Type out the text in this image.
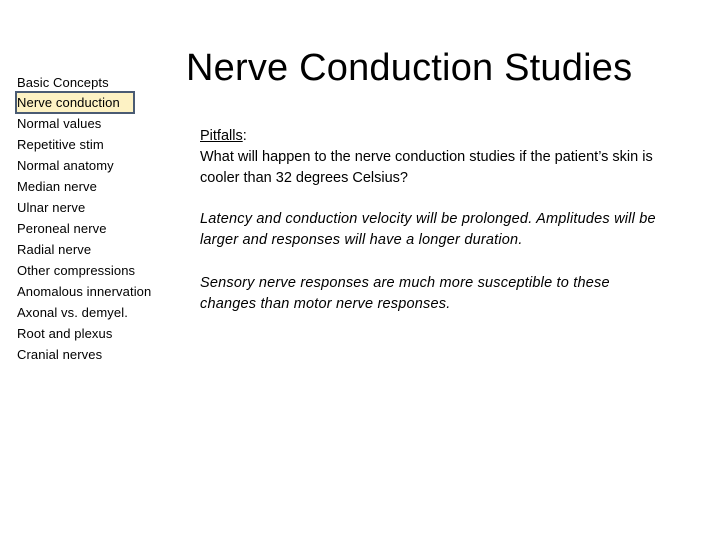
Basic Concepts
Nerve conduction
Normal values
Repetitive stim
Normal anatomy
Median nerve
Ulnar nerve
Peroneal nerve
Radial nerve
Other compressions
Anomalous innervation
Axonal vs. demyel.
Root and plexus
Cranial nerves
Nerve Conduction Studies

Pitfalls:
What will happen to the nerve conduction studies if the patient’s skin is cooler than 32 degrees Celsius?

Latency and conduction velocity will be prolonged. Amplitudes will be larger and responses will have a longer duration.

Sensory nerve responses are much more susceptible to these changes than motor nerve responses.
